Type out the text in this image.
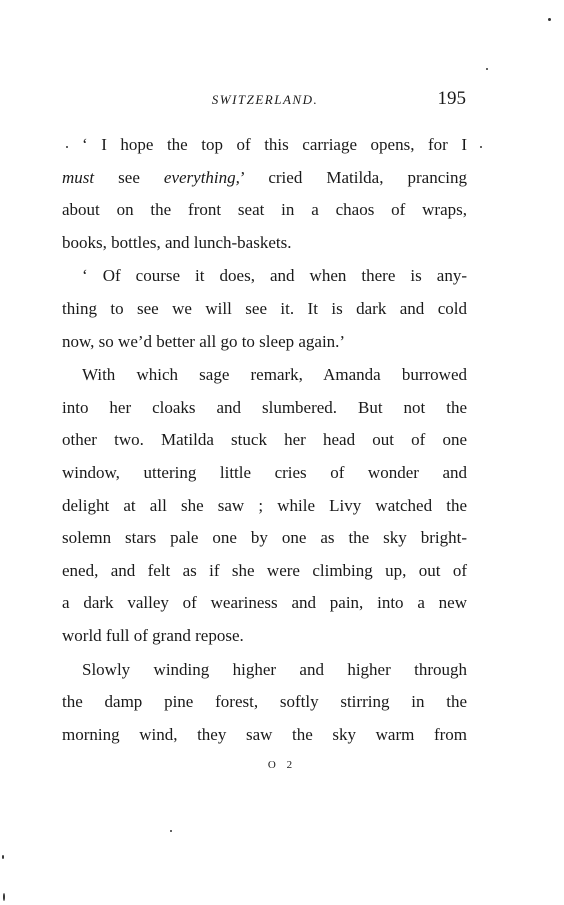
SWITZERLAND.	195

‘ I hope the top of this carriage opens, for I
must see everything,’ cried Matilda, prancing
about on the front seat in a chaos of wraps,
books, bottles, and lunch-baskets.

‘ Of course it does, and when there is any-
thing to see we will see it. It is dark and cold
now, so we’d better all go to sleep again.’

With which sage remark, Amanda burrowed
into her cloaks and slumbered. But not the
other two. Matilda stuck her head out of one
window, uttering little cries of wonder and
delight at all she saw ; while Livy watched the
solemn stars pale one by one as the sky bright-
ened, and felt as if she were climbing up, out of
a dark valley of weariness and pain, into a new
world full of grand repose.

Slowly winding higher and higher through
the damp pine forest, softly stirring in the
morning wind, they saw the sky warm from

O 2
